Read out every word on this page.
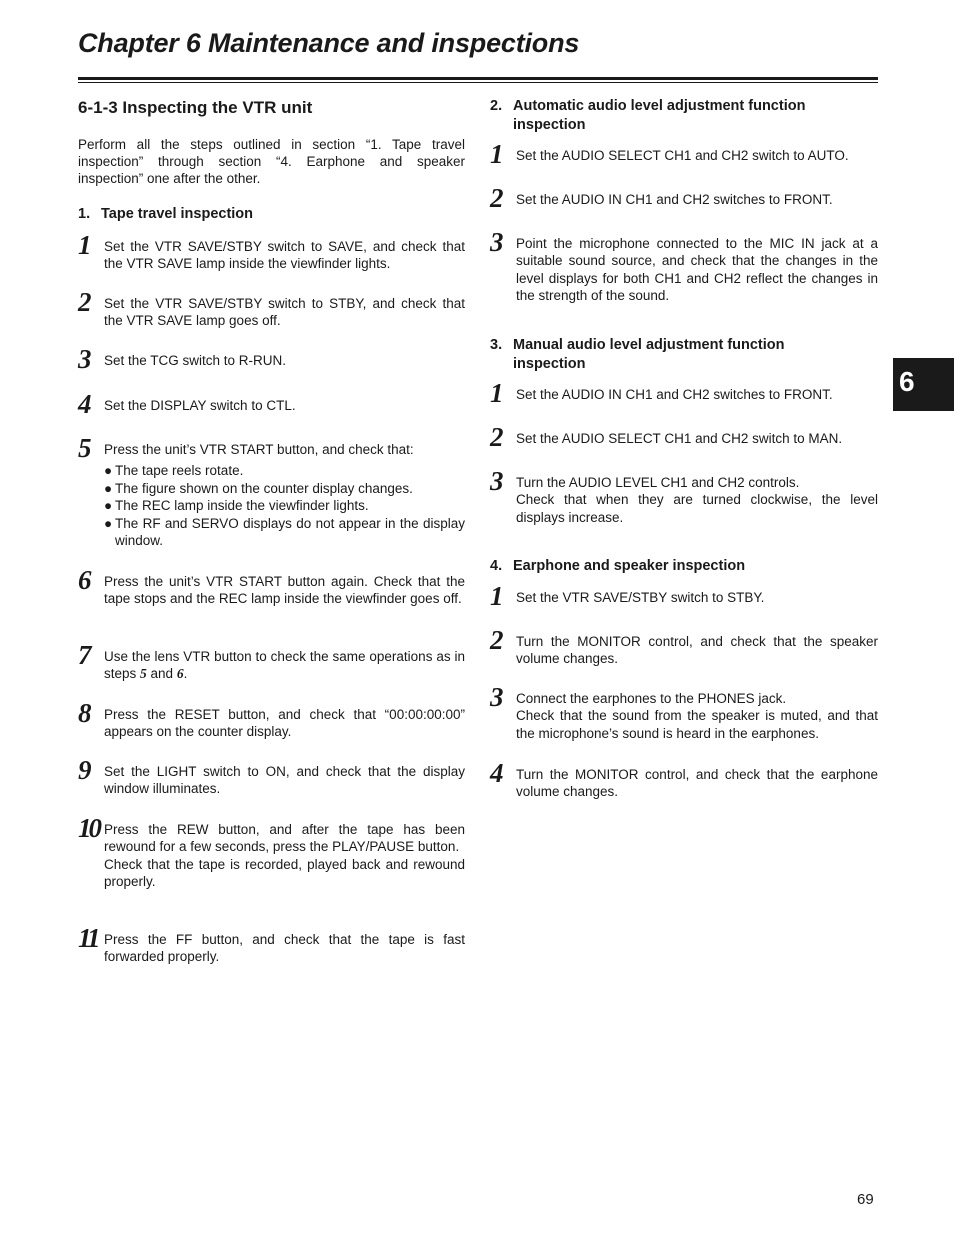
Chapter 6 Maintenance and inspections
6-1-3 Inspecting the VTR unit

Perform all the steps outlined in section “1. Tape travel inspection” through section “4. Earphone and speaker inspection” one after the other.

1. Tape travel inspection
1 Set the VTR SAVE/STBY switch to SAVE, and check that the VTR SAVE lamp inside the viewfinder lights.

2 Set the VTR SAVE/STBY switch to STBY, and check that the VTR SAVE lamp goes off.

3 Set the TCG switch to R-RUN.

4 Set the DISPLAY switch to CTL.

5 Press the unit’s VTR START button, and check that:

● The tape reels rotate.
● The figure shown on the counter display changes.
● The REC lamp inside the viewfinder lights.
● The RF and SERVO displays do not appear in the display window.
6 Press the unit’s VTR START button again. Check that the tape stops and the REC lamp inside the viewfinder goes off.

7 Use the lens VTR button to check the same operations as in steps 5 and 6.

8 Press the RESET button, and check that “00:00:00:00” appears on the counter display.

9 Set the LIGHT switch to ON, and check that the display window illuminates.

10 Press the REW button, and after the tape has been rewound for a few seconds, press the PLAY/PAUSE button.

Check that the tape is recorded, played back and rewound properly.

11 Press the FF button, and check that the tape is fast forwarded properly.

2. Automatic audio level adjustment function
inspection
1 Set the AUDIO SELECT CH1 and CH2 switch to AUTO.

2 Set the AUDIO IN CH1 and CH2 switches to FRONT.

3 Point the microphone connected to the MIC IN jack at a suitable sound source, and check that the changes in the level displays for both CH1 and CH2 reflect the changes in the strength of the sound.

3. Manual audio level adjustment function
inspection
1 Set the AUDIO IN CH1 and CH2 switches to FRONT.

2 Set the AUDIO SELECT CH1 and CH2 switch to MAN.

3 Turn the AUDIO LEVEL CH1 and CH2 controls.

Check that when they are turned clockwise, the level displays increase.

4. Earphone and speaker inspection
1 Set the VTR SAVE/STBY switch to STBY.

2 Turn the MONITOR control, and check that the speaker volume changes.

3 Connect the earphones to the PHONES jack.

Check that the sound from the speaker is muted, and that the microphone’s sound is heard in the earphones.

4 Turn the MONITOR control, and check that the earphone volume changes.

6
69
